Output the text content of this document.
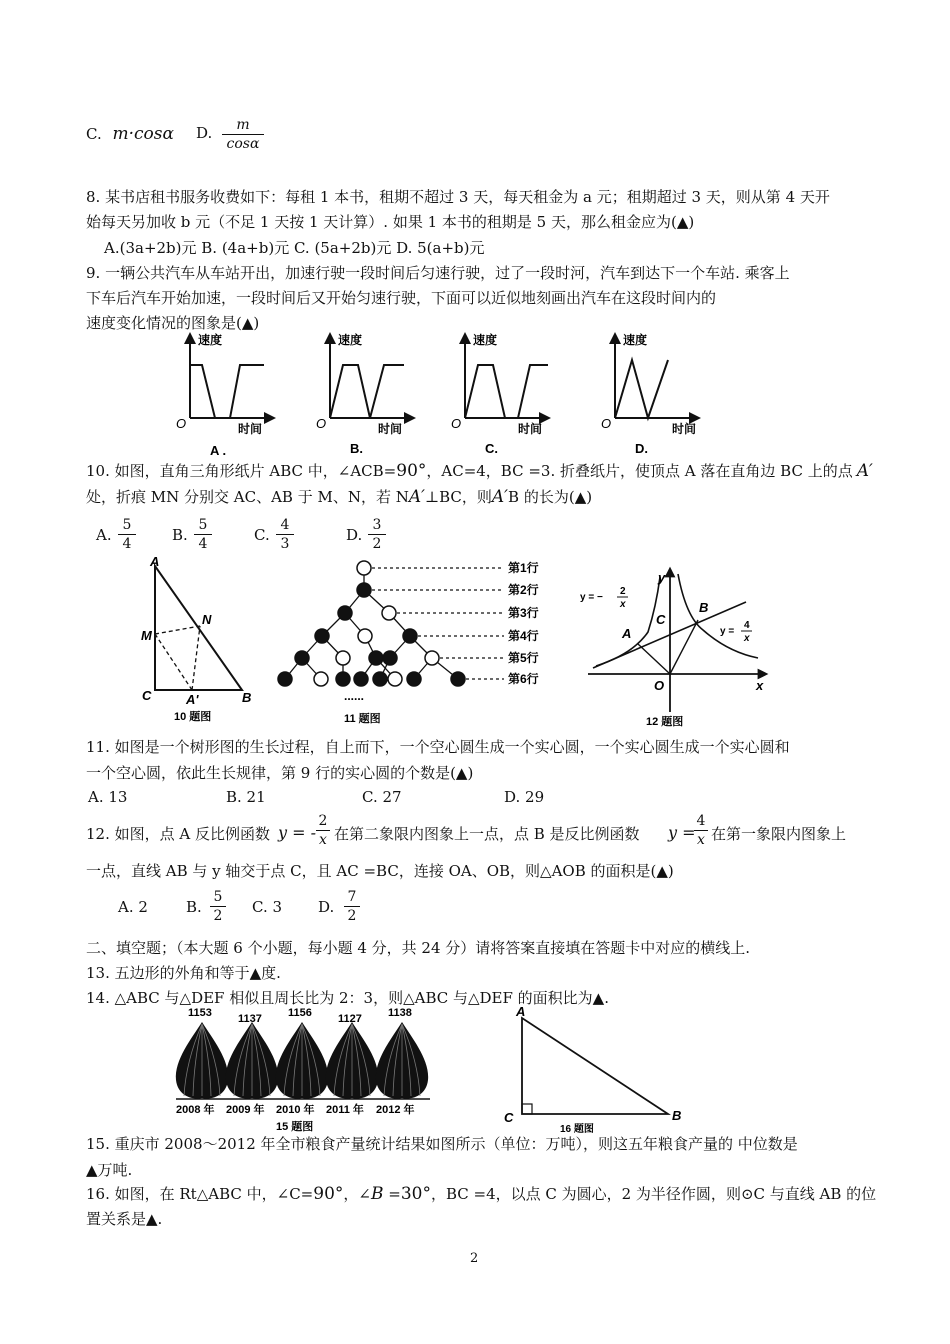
C. m·cosα D. $\frac{m}{\cos\alpha}$
8. 某书店租书服务收费如下：每租 1 本书，租期不超过 3 天，每天租金为 a 元；租期超过 3 天，则从第 4 天开
始每天另加收 b 元（不足 1 天按 1 天计算）. 如果 1 本书的租期是 5 天，那么租金应为(▲)
A.(3a+2b)元 B. (4a+b)元 C. (5a+2b)元 D. 5(a+b)元
9. 一辆公共汽车从车站开出，加速行驶一段时间后匀速行驶，过了一段时河，汽车到达下一个车站. 乘客上
下车后汽车开始加速，一段时间后又开始匀速行驶，下面可以近似地刻画出汽车在这段时间内的
速度变化情况的图象是(▲)
速度
时间
O
A .
速度
时间
O
B.
速度
时间
O
C.
速度
时间
O
D.
10. 如图，直角三角形纸片 ABC 中，∠ACB=90°，AC=4，BC =3. 折叠纸片，使顶点 A 落在直角边 BC 上的点 A′
处，折痕 MN 分别交 AC、AB 于 M、N，若 NA′⊥BC，则A′B 的长为(▲)
A. $\frac{5}{4} B$. $\frac{5}{4}$	C. $\frac{4}{3}$	D. $\frac{3}{2}$
A
N
M
C	A'	B
10 题图
第1行
第2行
第3行
第4行
第5行
第6行
......
11 题图
y
x
O
A
B
C
y = −
2
x
y =
4
x
12 题图
11. 如图是一个树形图的生长过程，自上而下，一个空心圆生成一个实心圆，一个实心圆生成一个实心圆和
一个空心圆，依此生长规律，第 9 行的实心圆的个数是(▲)
A. 13	B. 21	C. 27	D. 29
12. 如图，点 A 反比例函数 y = - $\frac{2}{x}$ 在第二象限内图象上一点，点 B 是反比例函数 y =
$\frac{4}{x}$ 在第一象限内图象上
一点，直线 AB 与 y 轴交于点 C，且 AC =BC，连接 OA、OB，则△AOB 的面积是(▲)
A. 2	B. $\frac{5}{2} C$. 3 D. $\frac{7}{2}$
二、填空题；（本大题 6 个小题，每小题 4 分，共 24 分）请将答案直接填在答题卡中对应的横线上.
13. 五边形的外角和等于▲度.
14. △ABC 与△DEF 相似且周长比为 2：3，则△ABC 与△DEF 的面积比为▲.
1153 1137 1156 1127 1138
2008 年 2009 年 2010 年 2011 年 2012 年
15 题图
A
C	B
16 题图
15. 重庆市 2008～2012 年全市粮食产量统计结果如图所示（单位：万吨），则这五年粮食产量的 中位数是
▲万吨.
16. 如图，在 Rt△ABC 中，∠C=90°，∠B =30°，BC =4，以点 C 为圆心，2 为半径作圆，则⊙C 与直线 AB 的位
置关系是▲.
2
